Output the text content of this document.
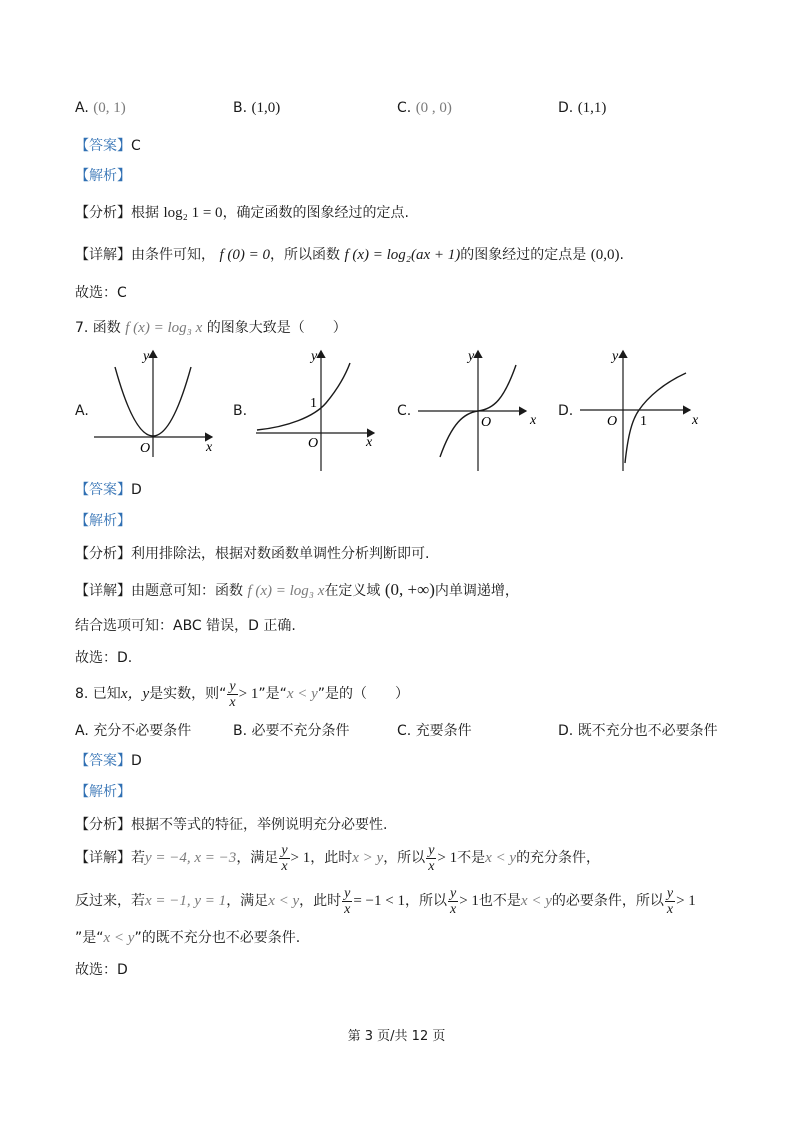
A. (0, 1)	B. (1,0)	C. (0 , 0)	D. (1,1)
【答案】C
【解析】
【分析】根据 log₂ 1 = 0，确定函数的图象经过的定点.
【详解】由条件可知， f (0) = 0，所以函数 f (x) = log₂(ax + 1)的图象经过的定点是 (0,0).
故选：C
7. 函数 f (x) = log₃ x 的图象大致是（　　）
A.	B.	C.	D.
y
x
O
y
x
O
1
y
x
O
y
x
O 1
【答案】D
【解析】
【分析】利用排除法，根据对数函数单调性分析判断即可.
【详解】由题意可知：函数 f (x) = log₃ x在定义域 (0, +∞)内单调递增，
结合选项可知：ABC 错误，D 正确.
故选：D.
8. 已知x，y是实数，则“ $\frac{y}{x} > 1$”是“x < y”是的（　　）
A. 充分不必要条件	B. 必要不充分条件	C. 充要条件	D. 既不充分也不必要条件
【答案】D
【解析】
【分析】根据不等式的特征，举例说明充分必要性.
【详解】若y = −4, x = −3，满足 $\frac{y}{x} > 1$，此时x > y，所以 $\frac{y}{x} > 1$不是x < y的充分条件，
反过来，若x = −1, y = 1，满足x < y，此时 $\frac{y}{x} = -1 < 1$，所以 $\frac{y}{x} > 1$也不是x < y的必要条件，所以 $\frac{y}{x} > 1$
”是“x < y”的既不充分也不必要条件.
故选：D
第 3 页/共 12 页
